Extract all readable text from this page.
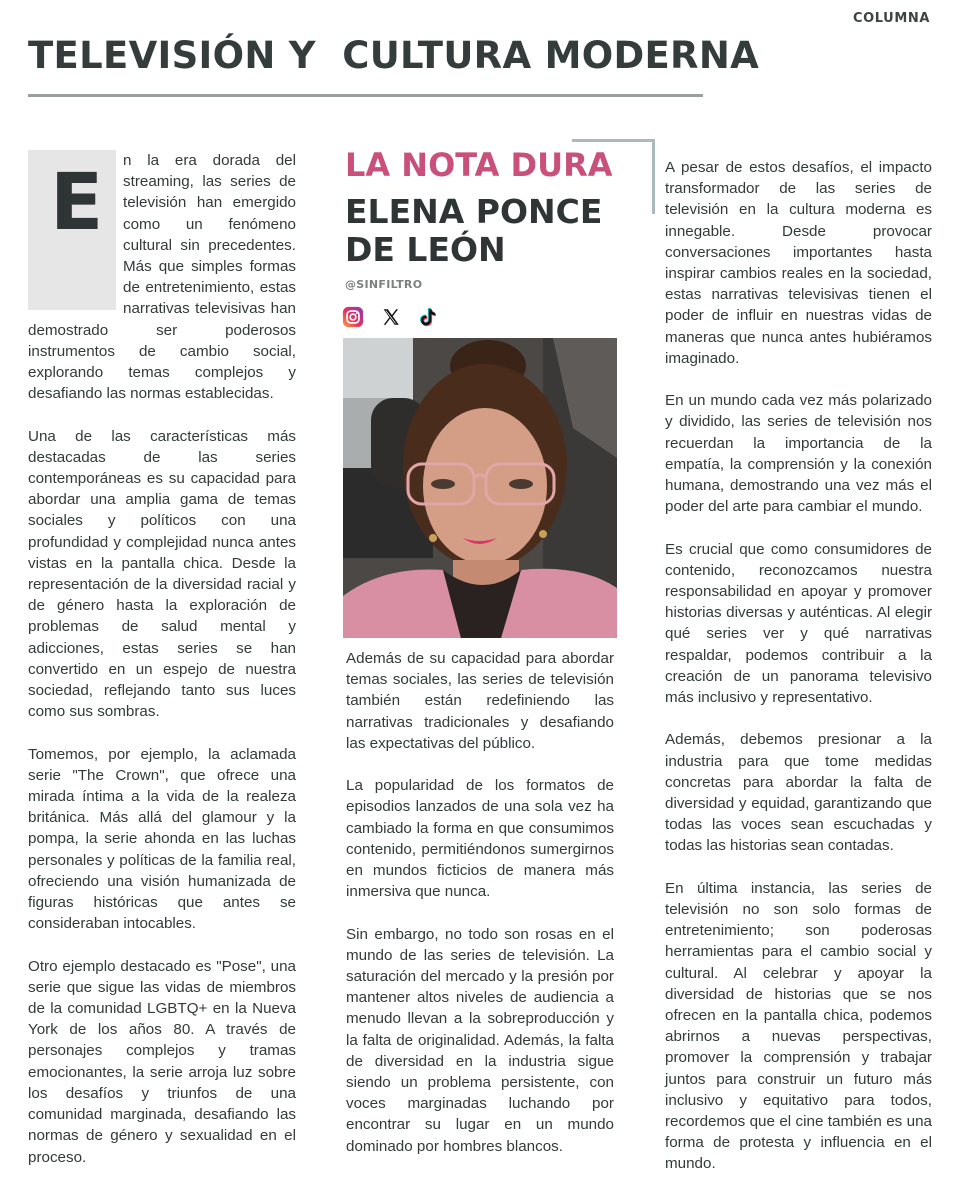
COLUMNA
TELEVISIÓN Y  CULTURA MODERNA
E	n la era dorada del streaming, las series de televisión han emergido como un fenómeno cultural sin precedentes. Más que simples formas de entretenimiento, estas narrativas televisivas han demostrado ser poderosos instrumentos de cambio social, explorando temas complejos y desafiando las normas establecidas.

Una de las características más destacadas de las series contemporáneas es su capacidad para abordar una amplia gama de temas sociales y políticos con una profundidad y complejidad nunca antes vistas en la pantalla chica. Desde la representación de la diversidad racial y de género hasta la exploración de problemas de salud mental y adicciones, estas series se han convertido en un espejo de nuestra sociedad, reflejando tanto sus luces como sus sombras.

Tomemos, por ejemplo, la aclamada serie "The Crown", que ofrece una mirada íntima a la vida de la realeza británica. Más allá del glamour y la pompa, la serie ahonda en las luchas personales y políticas de la familia real, ofreciendo una visión humanizada de figuras históricas que antes se consideraban intocables.

Otro ejemplo destacado es "Pose", una serie que sigue las vidas de miembros de la comunidad LGBTQ+ en la Nueva York de los años 80. A través de personajes complejos y tramas emocionantes, la serie arroja luz sobre los desafíos y triunfos de una comunidad marginada, desafiando las normas de género y sexualidad en el proceso.

LA NOTA DURA
ELENA PONCE DE LEÓN
@SINFILTRO

Además de su capacidad para abordar temas sociales, las series de televisión también están redefiniendo las narrativas tradicionales y desafiando las expectativas del público.

La popularidad de los formatos de episodios lanzados de una sola vez ha cambiado la forma en que consumimos contenido, permitiéndonos sumergirnos en mundos ficticios de manera más inmersiva que nunca.

Sin embargo, no todo son rosas en el mundo de las series de televisión. La saturación del mercado y la presión por mantener altos niveles de audiencia a menudo llevan a la sobreproducción y la falta de originalidad. Además, la falta de diversidad en la industria sigue siendo un problema persistente, con voces marginadas luchando por encontrar su lugar en un mundo dominado por hombres blancos.

A pesar de estos desafíos, el impacto transformador de las series de televisión en la cultura moderna es innegable. Desde provocar conversaciones importantes hasta inspirar cambios reales en la sociedad, estas narrativas televisivas tienen el poder de influir en nuestras vidas de maneras que nunca antes hubiéramos imaginado.

En un mundo cada vez más polarizado y dividido, las series de televisión nos recuerdan la importancia de la empatía, la comprensión y la conexión humana, demostrando una vez más el poder del arte para cambiar el mundo.

Es crucial que como consumidores de contenido, reconozcamos nuestra responsabilidad en apoyar y promover historias diversas y auténticas. Al elegir qué series ver y qué narrativas respaldar, podemos contribuir a la creación de un panorama televisivo más inclusivo y representativo.

Además, debemos presionar a la industria para que tome medidas concretas para abordar la falta de diversidad y equidad, garantizando que todas las voces sean escuchadas y todas las historias sean contadas.

En última instancia, las series de televisión no son solo formas de entretenimiento; son poderosas herramientas para el cambio social y cultural. Al celebrar y apoyar la diversidad de historias que se nos ofrecen en la pantalla chica, podemos abrirnos a nuevas perspectivas, promover la comprensión y trabajar juntos para construir un futuro más inclusivo y equitativo para todos, recordemos que el cine también es una forma de protesta y influencia en el mundo.
